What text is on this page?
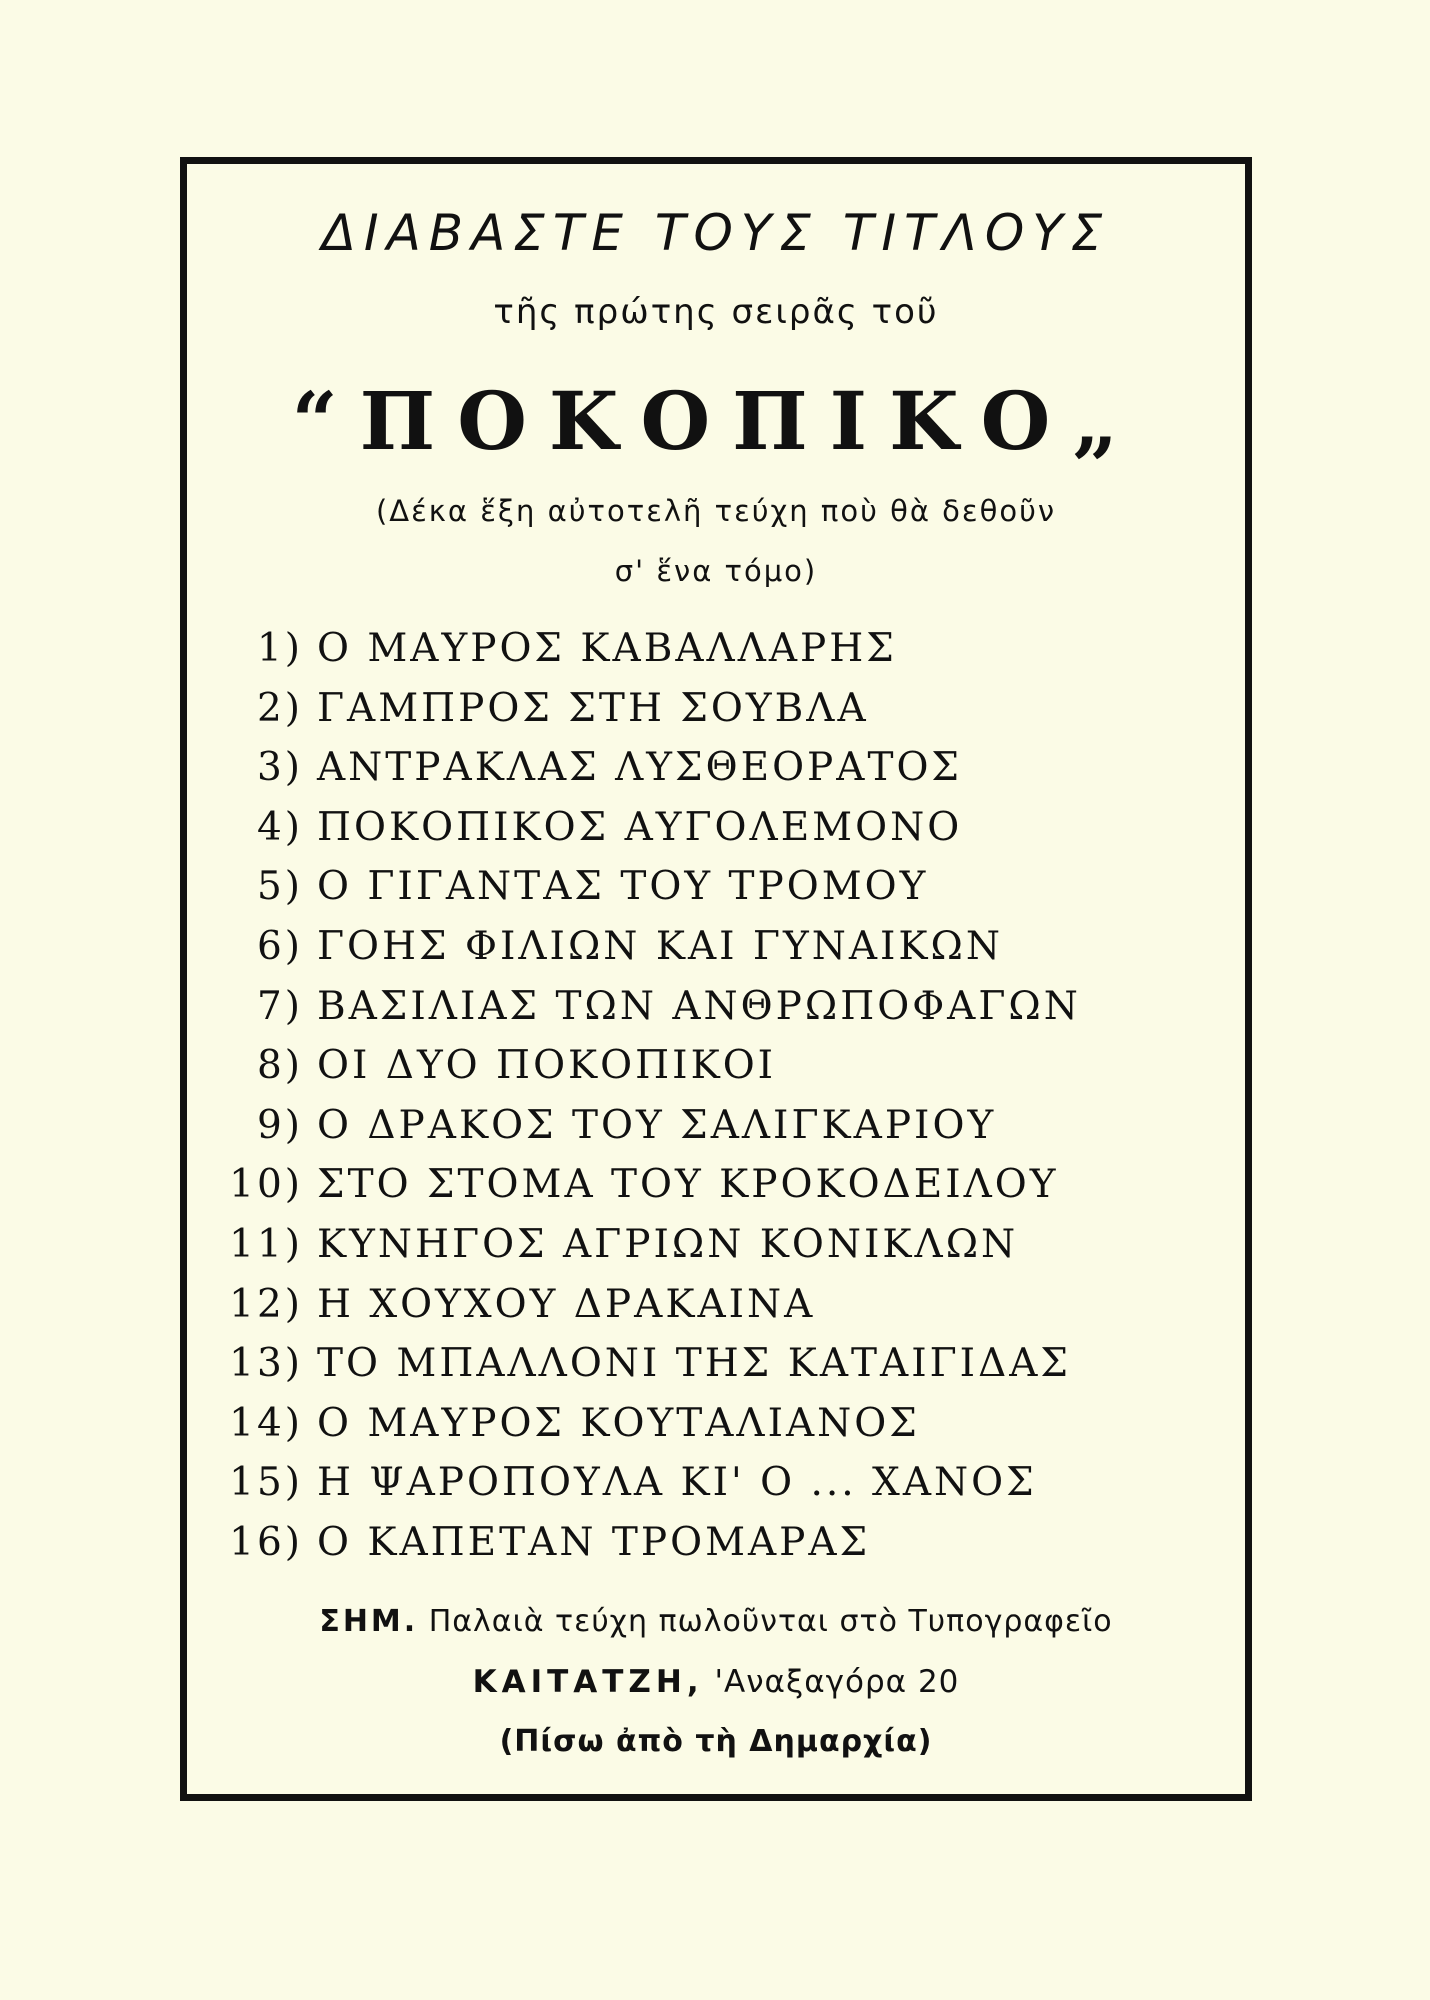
ΔΙΑΒΑΣΤΕ ΤΟΥΣ ΤΙΤΛΟΥΣ
τῆς πρώτης σειρᾶς τοῦ
“ΠΟΚΟΠΙΚΟ„
(Δέκα ἕξη αὐτοτελῆ τεύχη ποὺ θὰ δεθοῦν
σ' ἕνα τόμο)
1) Ο ΜΑΥΡΟΣ ΚΑΒΑΛΛΑΡΗΣ
2) ΓΑΜΠΡΟΣ ΣΤΗ ΣΟΥΒΛΑ
3) ΑΝΤΡΑΚΛΑΣ ΛΥΣΘΕΟΡΑΤΟΣ
4) ΠΟΚΟΠΙΚΟΣ ΑΥΓΟΛΕΜΟΝΟ
5) Ο ΓΙΓΑΝΤΑΣ ΤΟΥ ΤΡΟΜΟΥ
6) ΓΟΗΣ ΦΙΛΙΩΝ ΚΑΙ ΓΥΝΑΙΚΩΝ
7) ΒΑΣΙΛΙΑΣ ΤΩΝ ΑΝΘΡΩΠΟΦΑΓΩΝ
8) ΟΙ ΔΥΟ ΠΟΚΟΠΙΚΟΙ
9) Ο ΔΡΑΚΟΣ ΤΟΥ ΣΑΛΙΓΚΑΡΙΟΥ
10) ΣΤΟ ΣΤΟΜΑ ΤΟΥ ΚΡΟΚΟΔΕΙΛΟΥ
11) ΚΥΝΗΓΟΣ ΑΓΡΙΩΝ ΚΟΝΙΚΛΩΝ
12) Η ΧΟΥΧΟΥ ΔΡΑΚΑΙΝΑ
13) ΤΟ ΜΠΑΛΛΟΝΙ ΤΗΣ ΚΑΤΑΙΓΙΔΑΣ
14) Ο ΜΑΥΡΟΣ ΚΟΥΤΑΛΙΑΝΟΣ
15) Η ΨΑΡΟΠΟΥΛΑ ΚΙ' Ο ... ΧΑΝΟΣ
16) Ο ΚΑΠΕΤΑΝ ΤΡΟΜΑΡΑΣ
ΣΗΜ. Παλαιὰ τεύχη πωλοῦνται στὸ Τυπογραφεῖο
ΚΑΙΤΑΤΖΗ, 'Αναξαγόρα 20
(Πίσω ἀπὸ τὴ Δημαρχία)
